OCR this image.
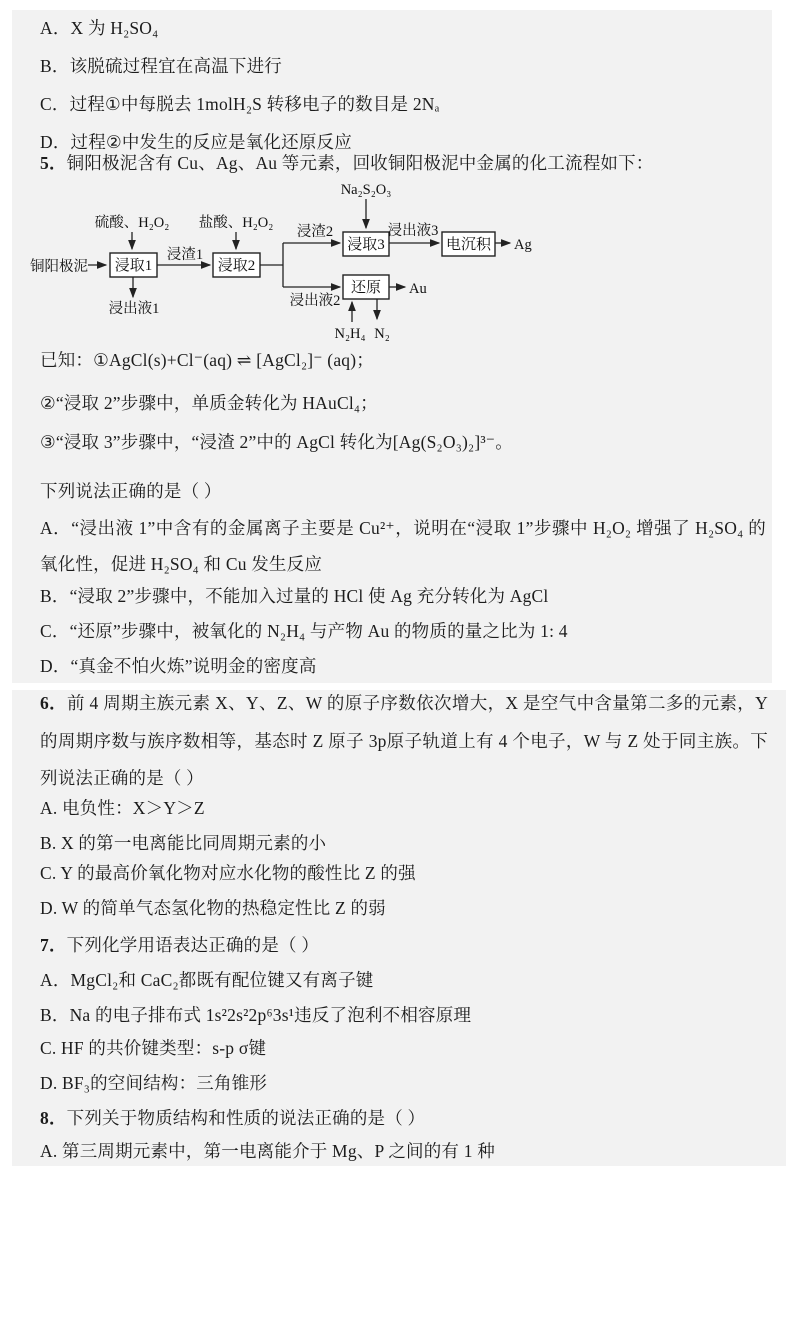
A．X 为 H₂SO₄
B．该脱硫过程宜在高温下进行
C．过程①中每脱去 1molH₂S 转移电子的数目是 2Nₐ
D．过程②中发生的反应是氧化还原反应
5．铜阳极泥含有 Cu、Ag、Au 等元素，回收铜阳极泥中金属的化工流程如下：
铜阳极泥 浸取1
硫酸、H₂O₂
浸出液1
浸渣1
浸取2
盐酸、H₂O₂
浸渣2
浸出液2
浸取3
Na₂S₂O₃
浸出液3
电沉积 Ag
还原 Au
N₂H₄ N₂
已知：①AgCl(s)+Cl⁻(aq) ⇌ [AgCl₂]⁻ (aq)；
②“浸取 2”步骤中，单质金转化为 HAuCl₄；
③“浸取 3”步骤中，“浸渣 2”中的 AgCl 转化为[Ag(S₂O₃)₂]³⁻。
下列说法正确的是（ ）
A．“浸出液 1”中含有的金属离子主要是 Cu²⁺，说明在“浸取 1”步骤中 H₂O₂ 增强了 H₂SO₄ 的氧化性，促进 H₂SO₄ 和 Cu 发生反应
B．“浸取 2”步骤中，不能加入过量的 HCl 使 Ag 充分转化为 AgCl
C．“还原”步骤中，被氧化的 N₂H₄ 与产物 Au 的物质的量之比为 1: 4
D．“真金不怕火炼”说明金的密度高
6．前 4 周期主族元素 X、Y、Z、W 的原子序数依次增大，X 是空气中含量第二多的元素，Y 的周期序数与族序数相等，基态时 Z 原子 3p原子轨道上有 4 个电子，W 与 Z 处于同主族。下列说法正确的是（ ）
A. 电负性：X＞Y＞Z
B. X 的第一电离能比同周期元素的小
C. Y 的最高价氧化物对应水化物的酸性比 Z 的强
D. W 的简单气态氢化物的热稳定性比 Z 的弱
7．下列化学用语表达正确的是（ ）
A．MgCl₂和 CaC₂都既有配位键又有离子键
B．Na 的电子排布式 1s²2s²2p⁶3s¹违反了泡利不相容原理
C. HF 的共价键类型：s-p σ键
D. BF₃的空间结构：三角锥形
8．下列关于物质结构和性质的说法正确的是（ ）
A. 第三周期元素中，第一电离能介于 Mg、P 之间的有 1 种
